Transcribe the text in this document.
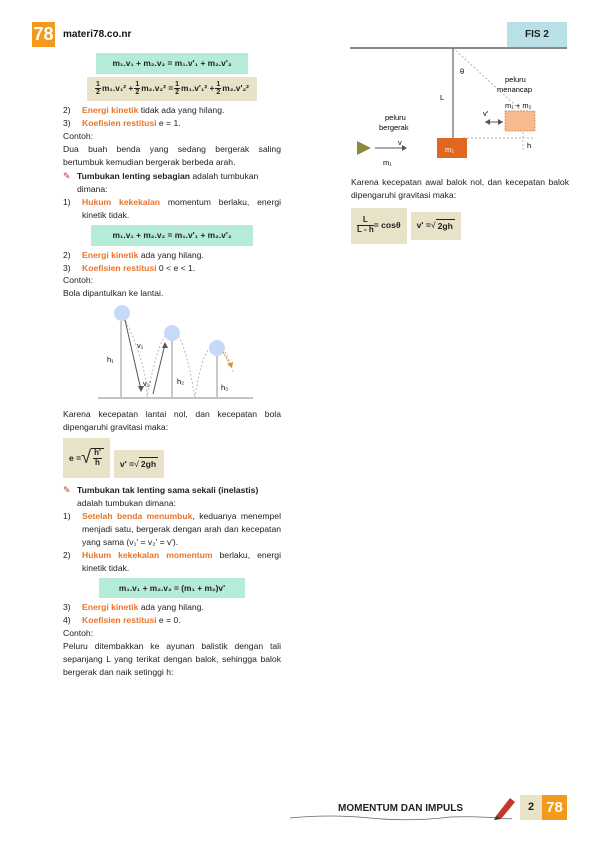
78 materi78.co.nr	FIS 2
m₁.v₁ + m₂.v₂ = m₁.v'₁ + m₂.v'₂
$\frac{1}{2} m_1.v_1^2 + \frac{1}{2} m_2.v_2^2 = \frac{1}{2} m_1.v'_1^2 + \frac{1}{2} m_2.v'_2^2$
2)	Energi kinetik tidak ada yang hilang.
3)	Koefisien restitusi e = 1.
Contoh:
Dua buah benda yang sedang bergerak saling bertumbuk kemudian bergerak berbeda arah.
✎ Tumbukan lenting sebagian adalah tumbukan dimana:
1)	Hukum kekekalan momentum berlaku, energi kinetik tidak.
m₁.v₁ + m₂.v₂ = m₁.v'₁ + m₂.v'₂
2)	Energi kinetik ada yang hilang.
3)	Koefisien restitusi 0 < e < 1.
Contoh:
Bola dipantulkan ke lantai.
h₁
h₂
h₃
v₁
v₁'
Karena kecepatan lantai nol, dan kecepatan bola dipengaruhi gravitasi maka:
e = √ $\frac{h'}{h} v'$ = √ 2gh
✎ Tumbukan tak lenting sama sekali (inelastis)
adalah tumbukan dimana:
1)	Setelah benda menumbuk, keduanya menempel menjadi satu, bergerak dengan arah dan kecepatan yang sama (v₁' = v₂' = v').
2)	Hukum kekekalan momentum berlaku, energi kinetik tidak.
m₁.v₁ + m₂.v₂ = (m₁ + m₂)v'
3)	Energi kinetik ada yang hilang.
4)	Koefisien restitusi e = 0.
Contoh:
Peluru ditembakkan ke ayunan balistik dengan tali sepanjang L yang terikat dengan balok, sehingga balok bergerak dan naik setinggi h:
θ
L
peluru
menancap
m₁ + m₂
v'
h
peluru
bergerak
v
m₁
m₂
Karena kecepatan awal balok nol, dan kecepatan balok dipengaruhi gravitasi maka:
$\frac{L}{L - h} = \cos\theta$ v' = √ 2gh
MOMENTUM DAN IMPULS	2 78
